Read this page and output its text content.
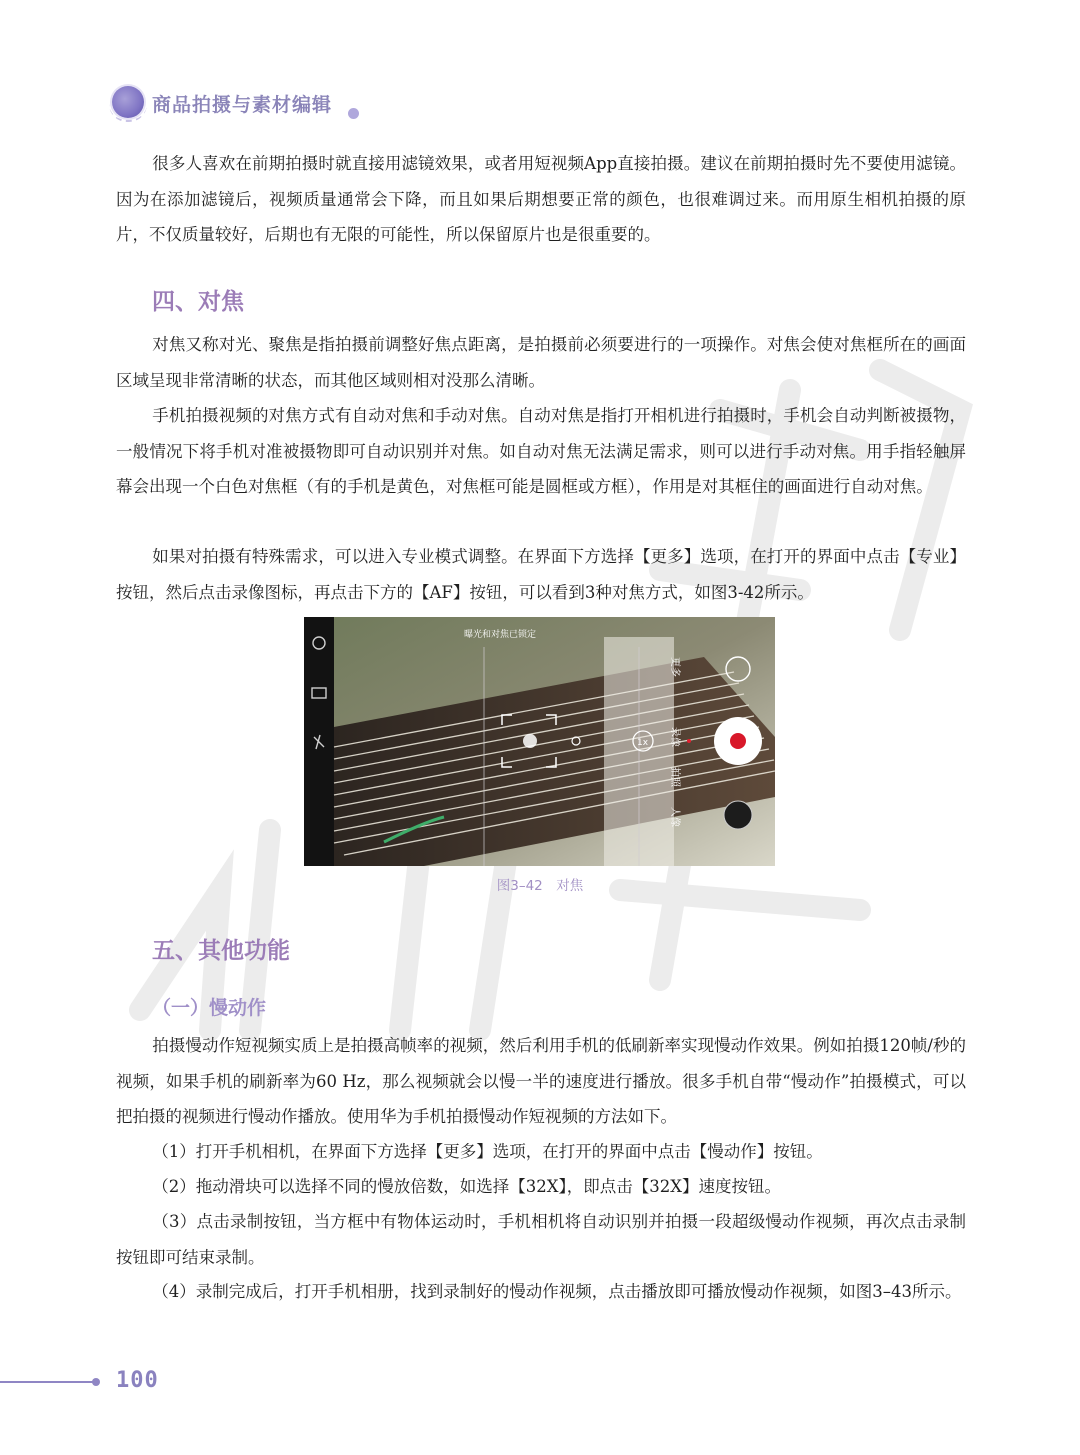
商品拍摄与素材编辑

很多人喜欢在前期拍摄时就直接用滤镜效果，或者用短视频App直接拍摄。建议在前期拍摄时先不要使用滤镜。因为在添加滤镜后，视频质量通常会下降，而且如果后期想要正常的颜色，也很难调过来。而用原生相机拍摄的原片，不仅质量较好，后期也有无限的可能性，所以保留原片也是很重要的。

四、对焦

对焦又称对光、聚焦是指拍摄前调整好焦点距离，是拍摄前必须要进行的一项操作。对焦会使对焦框所在的画面区域呈现非常清晰的状态，而其他区域则相对没那么清晰。

手机拍摄视频的对焦方式有自动对焦和手动对焦。自动对焦是指打开相机进行拍摄时，手机会自动判断被摄物，一般情况下将手机对准被摄物即可自动识别并对焦。如自动对焦无法满足需求，则可以进行手动对焦。用手指轻触屏幕会出现一个白色对焦框（有的手机是黄色，对焦框可能是圆框或方框），作用是对其框住的画面进行自动对焦。

如果对拍摄有特殊需求，可以进入专业模式调整。在界面下方选择【更多】选项，在打开的界面中点击【专业】按钮，然后点击录像图标，再点击下方的【AF】按钮，可以看到3种对焦方式，如图3-42所示。

曝光和对焦已锁定
1x
更多
录像
拍照
人像
图3–42　对焦
五、其他功能
（一）慢动作

拍摄慢动作短视频实质上是拍摄高帧率的视频，然后利用手机的低刷新率实现慢动作效果。例如拍摄120帧/秒的视频，如果手机的刷新率为60 Hz，那么视频就会以慢一半的速度进行播放。很多手机自带“慢动作”拍摄模式，可以把拍摄的视频进行慢动作播放。使用华为手机拍摄慢动作短视频的方法如下。

（1）打开手机相机，在界面下方选择【更多】选项，在打开的界面中点击【慢动作】按钮。

（2）拖动滑块可以选择不同的慢放倍数，如选择【32X】，即点击【32X】速度按钮。

（3）点击录制按钮，当方框中有物体运动时，手机相机将自动识别并拍摄一段超级慢动作视频，再次点击录制按钮即可结束录制。

（4）录制完成后，打开手机相册，找到录制好的慢动作视频，点击播放即可播放慢动作视频，如图3–43所示。

100
